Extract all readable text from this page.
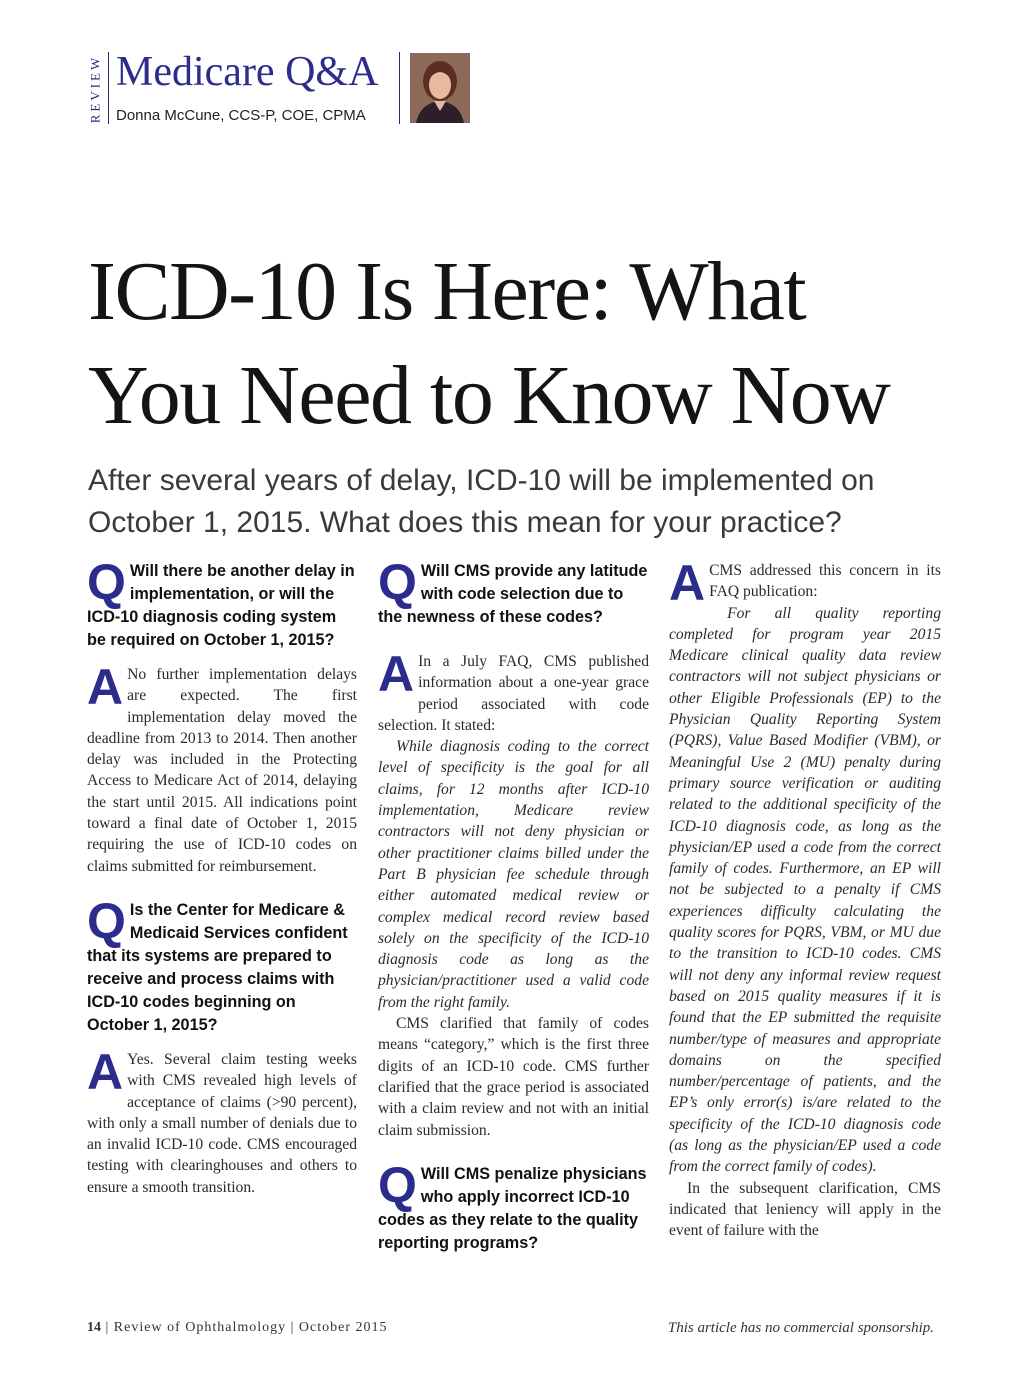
REVIEW Medicare Q&A
Donna McCune, CCS-P, COE, CPMA
ICD-10 Is Here: What
You Need to Know Now
After several years of delay, ICD-10 will be implemented on October 1, 2015. What does this mean for your practice?

Q Will there be another delay in implementation, or will the ICD-10 diagnosis coding system be required on October 1, 2015?

A No further implementation delays are expected. The first implementation delay moved the deadline from 2013 to 2014. Then another delay was included in the Protecting Access to Medicare Act of 2014, delaying the start until 2015. All indications point toward a final date of October 1, 2015 requiring the use of ICD-10 codes on claims submitted for reimbursement.

Q Is the Center for Medicare & Medicaid Services confident that its systems are prepared to receive and process claims with ICD-10 codes beginning on October 1, 2015?

A Yes. Several claim testing weeks with CMS revealed high levels of acceptance of claims (>90 percent), with only a small number of denials due to an invalid ICD-10 code. CMS encouraged testing with clearinghouses and others to ensure a smooth transition.

Q Will CMS provide any latitude with code selection due to the newness of these codes?

A In a July FAQ, CMS published information about a one-year grace period associated with code selection. It stated:

While diagnosis coding to the correct level of specificity is the goal for all claims, for 12 months after ICD-10 implementation, Medicare review contractors will not deny physician or other practitioner claims billed under the Part B physician fee schedule through either automated medical review or complex medical record review based solely on the specificity of the ICD-10 diagnosis code as long as the physician/practitioner used a valid code from the right family.

CMS clarified that family of codes means “category,” which is the first three digits of an ICD-10 code. CMS further clarified that the grace period is associated with a claim review and not with an initial claim submission.

Q Will CMS penalize physicians who apply incorrect ICD-10 codes as they relate to the quality reporting programs?

A CMS addressed this concern in its FAQ publication:

For all quality reporting completed for program year 2015 Medicare clinical quality data review contractors will not subject physicians or other Eligible Professionals (EP) to the Physician Quality Reporting System (PQRS), Value Based Modifier (VBM), or Meaningful Use 2 (MU) penalty during primary source verification or auditing related to the additional specificity of the ICD-10 diagnosis code, as long as the physician/EP used a code from the correct family of codes. Furthermore, an EP will not be subjected to a penalty if CMS experiences difficulty calculating the quality scores for PQRS, VBM, or MU due to the transition to ICD-10 codes. CMS will not deny any informal review request based on 2015 quality measures if it is found that the EP submitted the requisite number/type of measures and appropriate domains on the specified number/percentage of patients, and the EP’s only error(s) is/are related to the specificity of the ICD-10 diagnosis code (as long as the physician/EP used a code from the correct family of codes).

In the subsequent clarification, CMS indicated that leniency will apply in the event of failure with the

14 | Review of Ophthalmology | October 2015	This article has no commercial sponsorship.
